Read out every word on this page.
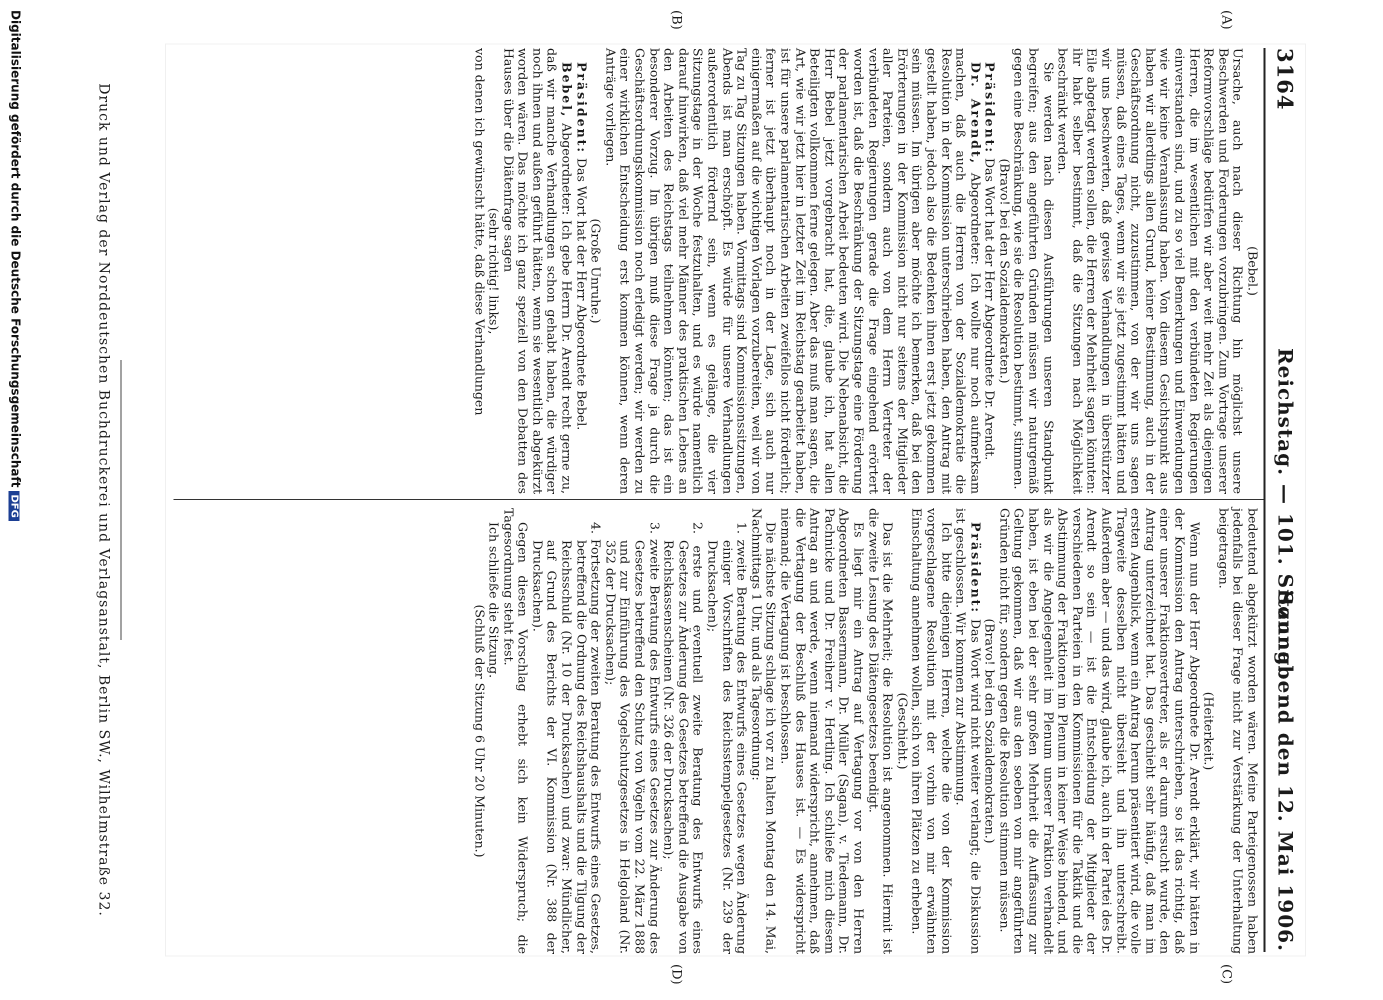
3164
Reichstag. — 101. Sitzung.
Sonnabend den 12. Mai 1906.
(A)
(B)
(C)
(D)

(Bebel.)

Ursache, auch nach dieser Richtung hin möglichst unsere Beschwerden und Forderungen vorzubringen. Zum Vortrage unserer Reformvorschläge bedürfen wir aber weit mehr Zeit als diejenigen Herren, die im wesentlichen mit den verbündeten Regierungen einverstanden sind, und zu so viel Bemerkungen und Einwendungen wie wir keine Veranlassung haben. Von diesem Gesichtspunkt aus haben wir allerdings allen Grund, keiner Bestimmung, auch in der Geschäftsordnung nicht, zuzustimmen, von der wir uns sagen müssen, daß eines Tages, wenn wir sie jetzt zugestimmt hätten und wir uns beschwerten, daß gewisse Verhandlungen in überstürzter Eile abgetagt werden sollen, die Herren der Mehrheit sagen könnten: ihr habt selber bestimmt, daß die Sitzungen nach Möglichkeit beschränkt werden.

Sie werden nach diesen Ausführungen unseren Standpunkt begreifen; aus den angeführten Gründen müssen wir naturgemäß gegen eine Beschränkung, wie sie die Resolution bestimmt, stimmen.

(Bravo! bei den Sozialdemokraten.)

Präsident: Das Wort hat der Herr Abgeordnete Dr. Arendt.

Dr. Arendt, Abgeordneter: Ich wollte nur noch aufmerksam machen, daß auch die Herren von der Sozialdemokratie die Resolution in der Kommission unterschrieben haben, den Antrag mit gestellt haben, jedoch also die Bedenken ihnen erst jetzt gekommen sein müssen. Im übrigen aber möchte ich bemerken, daß bei den Erörterungen in der Kommission nicht nur seitens der Mitglieder aller Parteien, sondern auch von dem Herrn Vertreter der verbündeten Regierungen gerade die Frage eingehend erörtert worden ist, daß die Beschränkung der Sitzungstage eine Förderung der parlamentarischen Arbeit bedeuten wird. Die Nebenabsicht, die Herr Bebel jetzt vorgebracht hat, die, glaube ich, hat allen Beteiligten vollkommen ferne gelegen. Aber das muß man sagen, die Art, wie wir jetzt hier in letzter Zeit im Reichstag gearbeitet haben, ist für unsere parlamentarischen Arbeiten zweifellos nicht förderlich; ferner ist jetzt überhaupt noch in der Lage, sich auch nur einigermaßen auf die wichtigen Vorlagen vorzubereiten, weil wir von Tag zu Tag Sitzungen haben. Vormittags sind Kommissionssitzungen, Abends ist man erschöpft. Es würde für unsere Verhandlungen außerordentlich fördernd sein, wenn es gelänge, die vier Sitzungstage in der Woche festzuhalten, und es würde namentlich darauf hinwirken, daß viel mehr Männer des praktischen Lebens an den Arbeiten des Reichstags teilnehmen könnten; das ist ein besonderer Vorzug. Im übrigen muß diese Frage ja durch die Geschäftsordnungskommission noch erledigt werden; wir werden zu einer wirklichen Entscheidung erst kommen können, wenn deren Anträge vorliegen.

(Große Unruhe.)

Präsident: Das Wort hat der Herr Abgeordnete Bebel.

Bebel, Abgeordneter: Ich gebe Herrn Dr. Arendt recht gerne zu, daß wir manche Verhandlungen schon gehabt haben, die würdiger noch ihnen und außen geführt hätten, wenn sie wesentlich abgekürzt worden wären. Das möchte ich ganz speziell von den Debatten des Hauses über die Diätenfrage sagen

(sehr richtig! links),

von denen ich gewünscht hätte, daß diese Verhandlungen

bedeutend abgekürzt worden wären. Meine Parteigenossen haben jedenfalls bei dieser Frage nicht zur Verstärkung der Unterhaltung beigetragen.

(Heiterkeit.)

Wenn nun der Herr Abgeordnete Dr. Arendt erklärt, wir hätten in der Kommission den Antrag unterschrieben, so ist das richtig, daß einer unserer Fraktionsvertreter, als er darum ersucht wurde, den Antrag unterzeichnet hat. Das geschieht sehr häufig, daß man im ersten Augenblick, wenn ein Antrag herum präsentiert wird, die volle Tragweite desselben nicht übersieht und ihn unterschreibt. Außerdem aber — und das wird, glaube ich, auch in der Partei des Dr. Arendt so sein — ist die Entscheidung der Mitglieder der verschiedenen Parteien in den Kommissionen für die Taktik und die Abstimmung der Fraktionen im Plenum in keiner Weise bindend, und als wir die Angelegenheit im Plenum unserer Fraktion verhandelt haben, ist eben bei der sehr großen Mehrheit die Auffassung zur Geltung gekommen, daß wir aus den soeben von mir angeführten Gründen nicht für, sondern gegen die Resolution stimmen müssen.

(Bravo! bei den Sozialdemokraten.)

Präsident: Das Wort wird nicht weiter verlangt; die Diskussion ist geschlossen. Wir kommen zur Abstimmung.

Ich bitte diejenigen Herren, welche die von der Kommission vorgeschlagene Resolution mit der vorhin von mir erwähnten Einschaltung annehmen wollen, sich von ihren Plätzen zu erheben.

(Geschieht.)

Das ist die Mehrheit; die Resolution ist angenommen. Hiermit ist die zweite Lesung des Diätengesetzes beendigt.

Es liegt mir ein Antrag auf Vertagung vor von den Herren Abgeordneten Bassermann, Dr. Müller (Sagan), v. Tiedemann, Dr. Pachnicke und Dr. Freiherr v. Hertling. Ich schließe mich diesem Antrag an und werde, wenn niemand widerspricht, annehmen, daß die Vertagung der Beschluß des Hauses ist. — Es widerspricht niemand; die Vertagung ist beschlossen.

Die nächste Sitzung schlage ich vor zu halten Montag den 14. Mai, Nachmittags 1 Uhr, und als Tagesordnung:

1. zweite Beratung des Entwurfs eines Gesetzes wegen Änderung einiger Vorschriften des Reichsstempelgesetzes (Nr. 239 der Drucksachen);
2. erste und eventuell zweite Beratung des Entwurfs eines Gesetzes zur Änderung des Gesetzes betreffend die Ausgabe von Reichskassenscheinen (Nr. 326 der Drucksachen);
3. zweite Beratung des Entwurfs eines Gesetzes zur Änderung des Gesetzes betreffend den Schutz von Vögeln vom 22. März 1888 und zur Einführung des Vogelschutzgesetzes in Helgoland (Nr. 352 der Drucksachen);
4. Fortsetzung der zweiten Beratung des Entwurfs eines Gesetzes, betreffend die Ordnung des Reichshaushalts und die Tilgung der Reichsschuld (Nr. 10 der Drucksachen) und zwar: Mündlicher, auf Grund des Berichts der VI. Kommission (Nr. 388 der Drucksachen).

Gegen diesen Vorschlag erhebt sich kein Widerspruch; die Tagesordnung steht fest.

Ich schließe die Sitzung.

(Schluß der Sitzung 6 Uhr 20 Minuten.)

Druck und Verlag der Norddeutschen Buchdruckerei und Verlagsanstalt, Berlin SW., Wilhelmstraße 32.
Digitalisierung gefördert durch die Deutsche ForschungsgemeinschaftDFG
